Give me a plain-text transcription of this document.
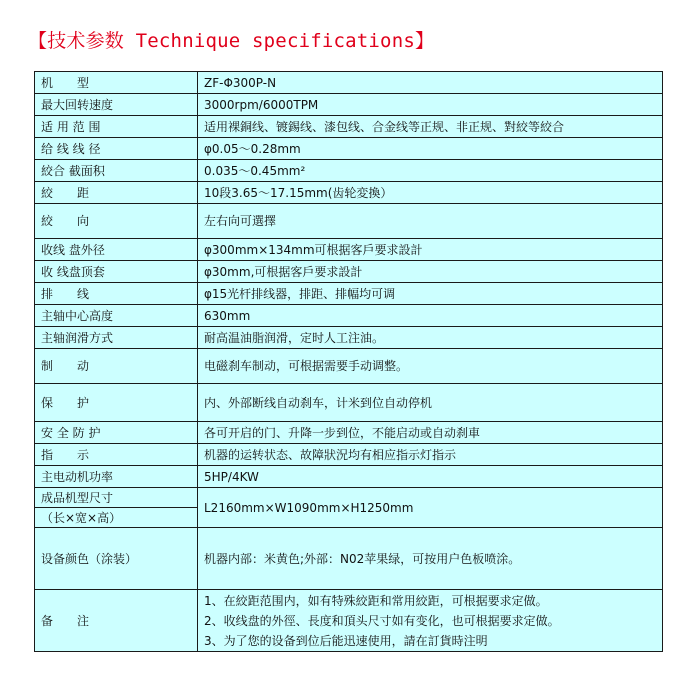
【技术参数 Technique specifications】
机　　型	ZF-Φ300P-N
最大回转速度	3000rpm/6000TPM
适 用 范 围	适用裸銅线、镀錫线、漆包线、合金线等正规、非正规、對絞等絞合
给 线 线 径	φ0.05～0.28mm
絞合 截面积	0.035～0.45mm²
絞　　距	10段3.65～17.15mm(齿轮変換）
絞　　向	左右向可選擇
收线 盘外径	φ300mm×134mm可根据客戶要求設計
收 线盘顶套	φ30mm,可根据客戶要求設計
排　　线	φ15光杆排线器，排距、排幅均可调
主轴中心高度	630mm
主轴润滑方式	耐高温油脂润滑，定时人工注油。
制　　动	电磁刹车制动，可根据需要手动调整。
保　　护	内、外部断线自动刹车，计米到位自动停机
安 全 防 护	各可开启的门、升降一步到位，不能启动或自动刹車
指　　示	机器的运转状态、故障狀況均有相应指示灯指示
主电动机功率	5HP/4KW
成品机型尺寸	L2160mm×W1090mm×H1250mm
（长×宽×高）	
设备颜色（涂装）	机器内部：米黄色;外部：N02苹果绿，可按用户色板喷涂。
备　　注	1、在絞距范围内，如有特殊絞距和常用絞距，可根据要求定做。
2、收线盘的外徑、長度和頂头尺寸如有变化，也可根据要求定做。
3、为了您的设备到位后能迅速使用，請在訂貨時注明
